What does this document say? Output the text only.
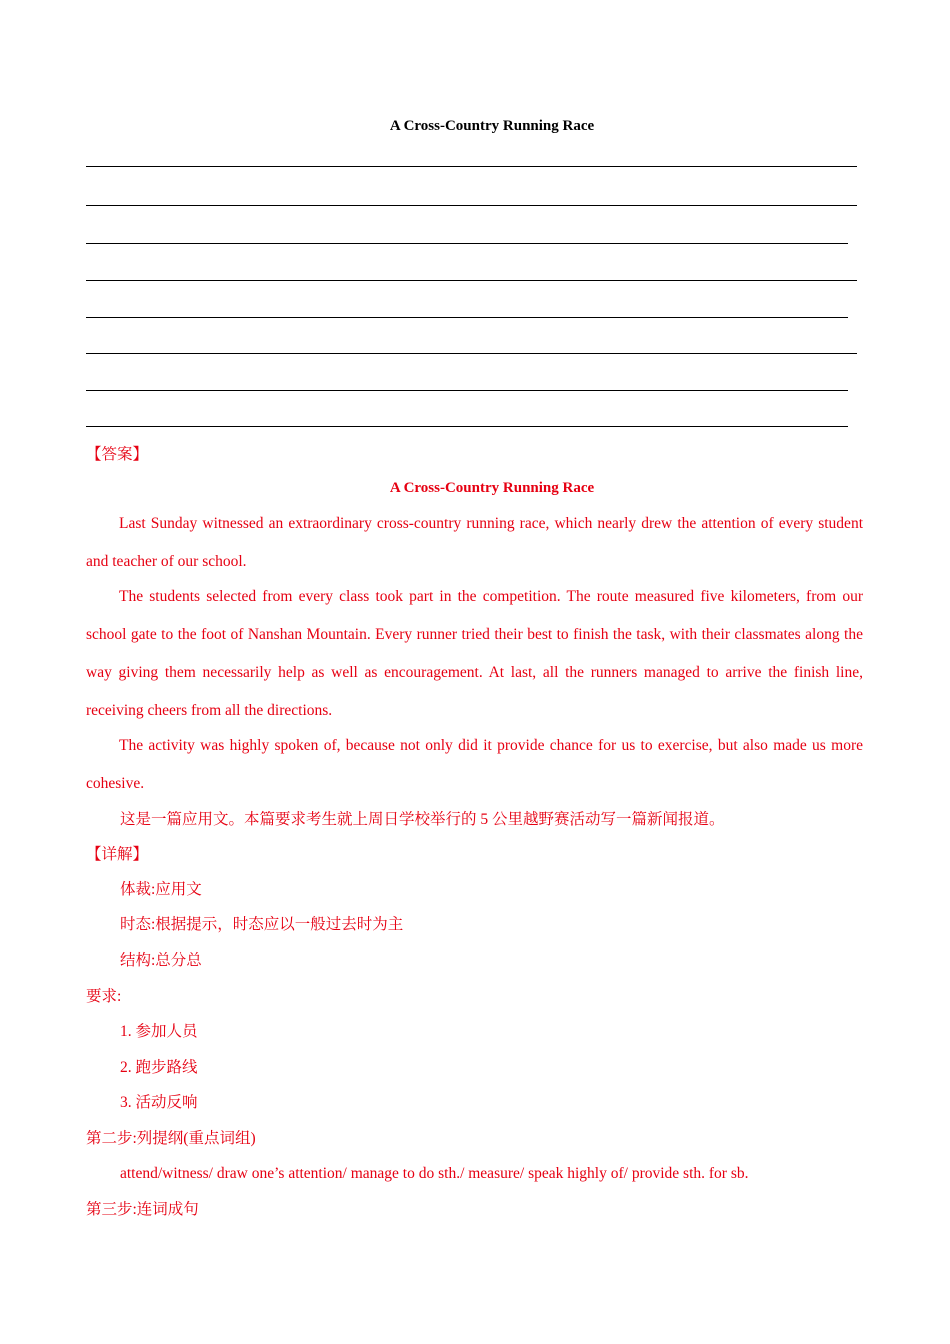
A Cross-Country Running Race
【答案】
A Cross-Country Running Race

Last Sunday witnessed an extraordinary cross-country running race, which nearly drew the attention of every student and teacher of our school.

The students selected from every class took part in the competition. The route measured five kilometers, from our school gate to the foot of Nanshan Mountain. Every runner tried their best to finish the task, with their classmates along the way giving them necessarily help as well as encouragement. At last, all the runners managed to arrive the finish line, receiving cheers from all the directions.

The activity was highly spoken of, because not only did it provide chance for us to exercise, but also made us more cohesive.

这是一篇应用文。本篇要求考生就上周日学校举行的 5 公里越野赛活动写一篇新闻报道。
【详解】
体裁:应用文
时态:根据提示，时态应以一般过去时为主
结构:总分总
要求:
1. 参加人员
2. 跑步路线
3. 活动反响
第二步:列提纲(重点词组)
attend/witness/ draw one’s attention/ manage to do sth./ measure/ speak highly of/ provide sth. for sb.
第三步:连词成句
